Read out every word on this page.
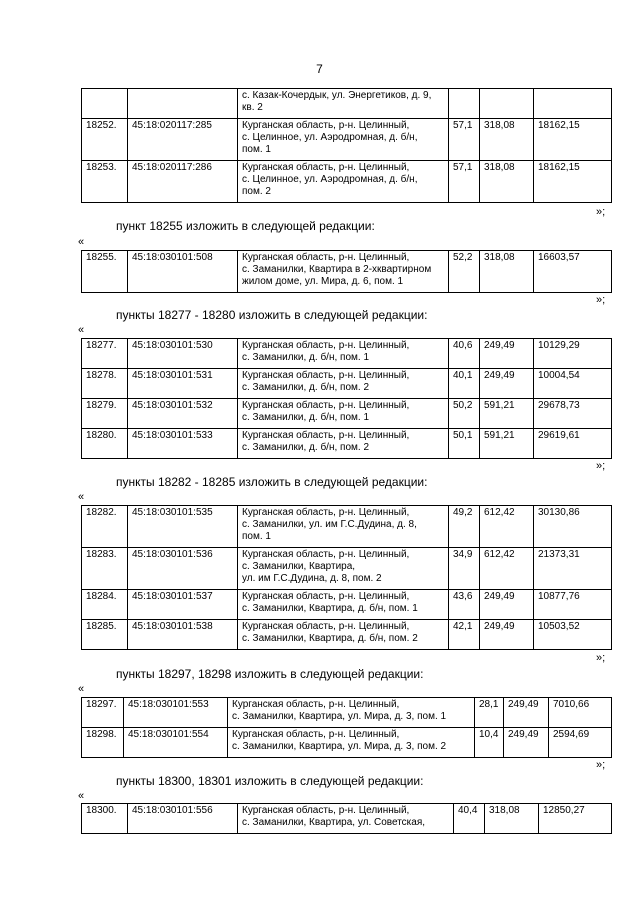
7

		с. Казак-Кочердык, ул. Энергетиков, д. 9,
кв. 2			

18252.	45:18:020117:285	Курганская область, р-н. Целинный,
с. Целинное, ул. Аэродромная, д. б/н,
пом. 1	57,1	318,08	18162,15
18253.	45:18:020117:286	Курганская область, р-н. Целинный,
с. Целинное, ул. Аэродромная, д. б/н,
пом. 2	57,1	318,08	18162,15
»;
пункт 18255 изложить в следующей редакции:
«
18255.	45:18:030101:508	Курганская область, р-н. Целинный,
с. Заманилки, Квартира в 2-хквартирном
жилом доме, ул. Мира, д. 6, пом. 1
	52,2	318,08	16603,57
»;
пункты 18277 - 18280 изложить в следующей редакции:
«
18277.	45:18:030101:530	Курганская область, р-н. Целинный,
с. Заманилки, д. б/н, пом. 1	40,6	249,49	10129,29
18278.	45:18:030101:531	Курганская область, р-н. Целинный,
с. Заманилки, д. б/н, пом. 2	40,1	249,49	10004,54
18279.	45:18:030101:532	Курганская область, р-н. Целинный,
с. Заманилки, д. б/н, пом. 1	50,2	591,21	29678,73
18280.	45:18:030101:533	Курганская область, р-н. Целинный,
с. Заманилки, д. б/н, пом. 2	50,1	591,21	29619,61
»;
пункты 18282 - 18285 изложить в следующей редакции:
«
18282.	45:18:030101:535	Курганская область, р-н. Целинный,
с. Заманилки, ул. им Г.С.Дудина, д. 8,
пом. 1	49,2	612,42	30130,86
18283.	45:18:030101:536	Курганская область, р-н. Целинный,
с. Заманилки, Квартира,
ул. им Г.С.Дудина, д. 8, пом. 2	34,9	612,42	21373,31
18284.	45:18:030101:537	Курганская область, р-н. Целинный,
с. Заманилки, Квартира, д. б/н, пом. 1	43,6	249,49	10877,76
18285.	45:18:030101:538	Курганская область, р-н. Целинный,
с. Заманилки, Квартира, д. б/н, пом. 2	42,1	249,49	10503,52
»;
пункты 18297, 18298 изложить в следующей редакции:
«
18297.	45:18:030101:553	Курганская область, р-н. Целинный,
с. Заманилки, Квартира, ул. Мира, д. 3, пом. 1	28,1	249,49	7010,66
18298.	45:18:030101:554	Курганская область, р-н. Целинный,
с. Заманилки, Квартира, ул. Мира, д. 3, пом. 2	10,4	249,49	2594,69
»;
пункты 18300, 18301 изложить в следующей редакции:
«
18300.	45:18:030101:556	Курганская область, р-н. Целинный,
с. Заманилки, Квартира, ул. Советская,
	40,4	318,08	12850,27
